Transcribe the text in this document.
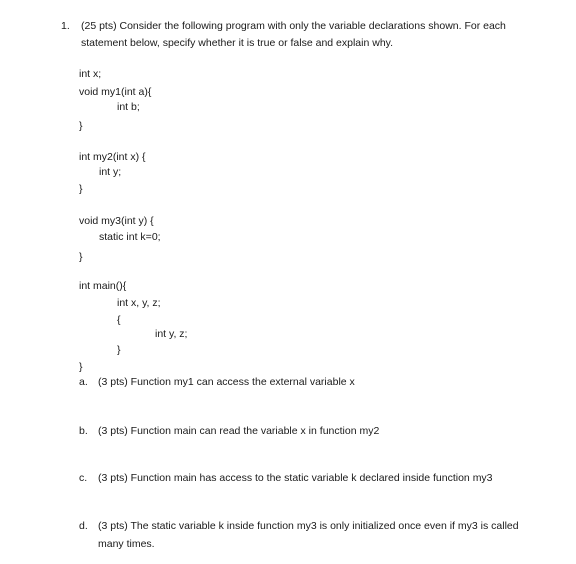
1. (25 pts) Consider the following program with only the variable declarations shown. For each
statement below, specify whether it is true or false and explain why.
int x;
void my1(int a){
int b;
}
int my2(int x) {
int y;
}
void my3(int y) {
static int k=0;
}
int main(){
int x, y, z;
{
int y, z;
}
}
a. (3 pts) Function my1 can access the external variable x
b. (3 pts) Function main can read the variable x in function my2
c. (3 pts) Function main has access to the static variable k declared inside function my3
d. (3 pts) The static variable k inside function my3 is only initialized once even if my3 is called
many times.
